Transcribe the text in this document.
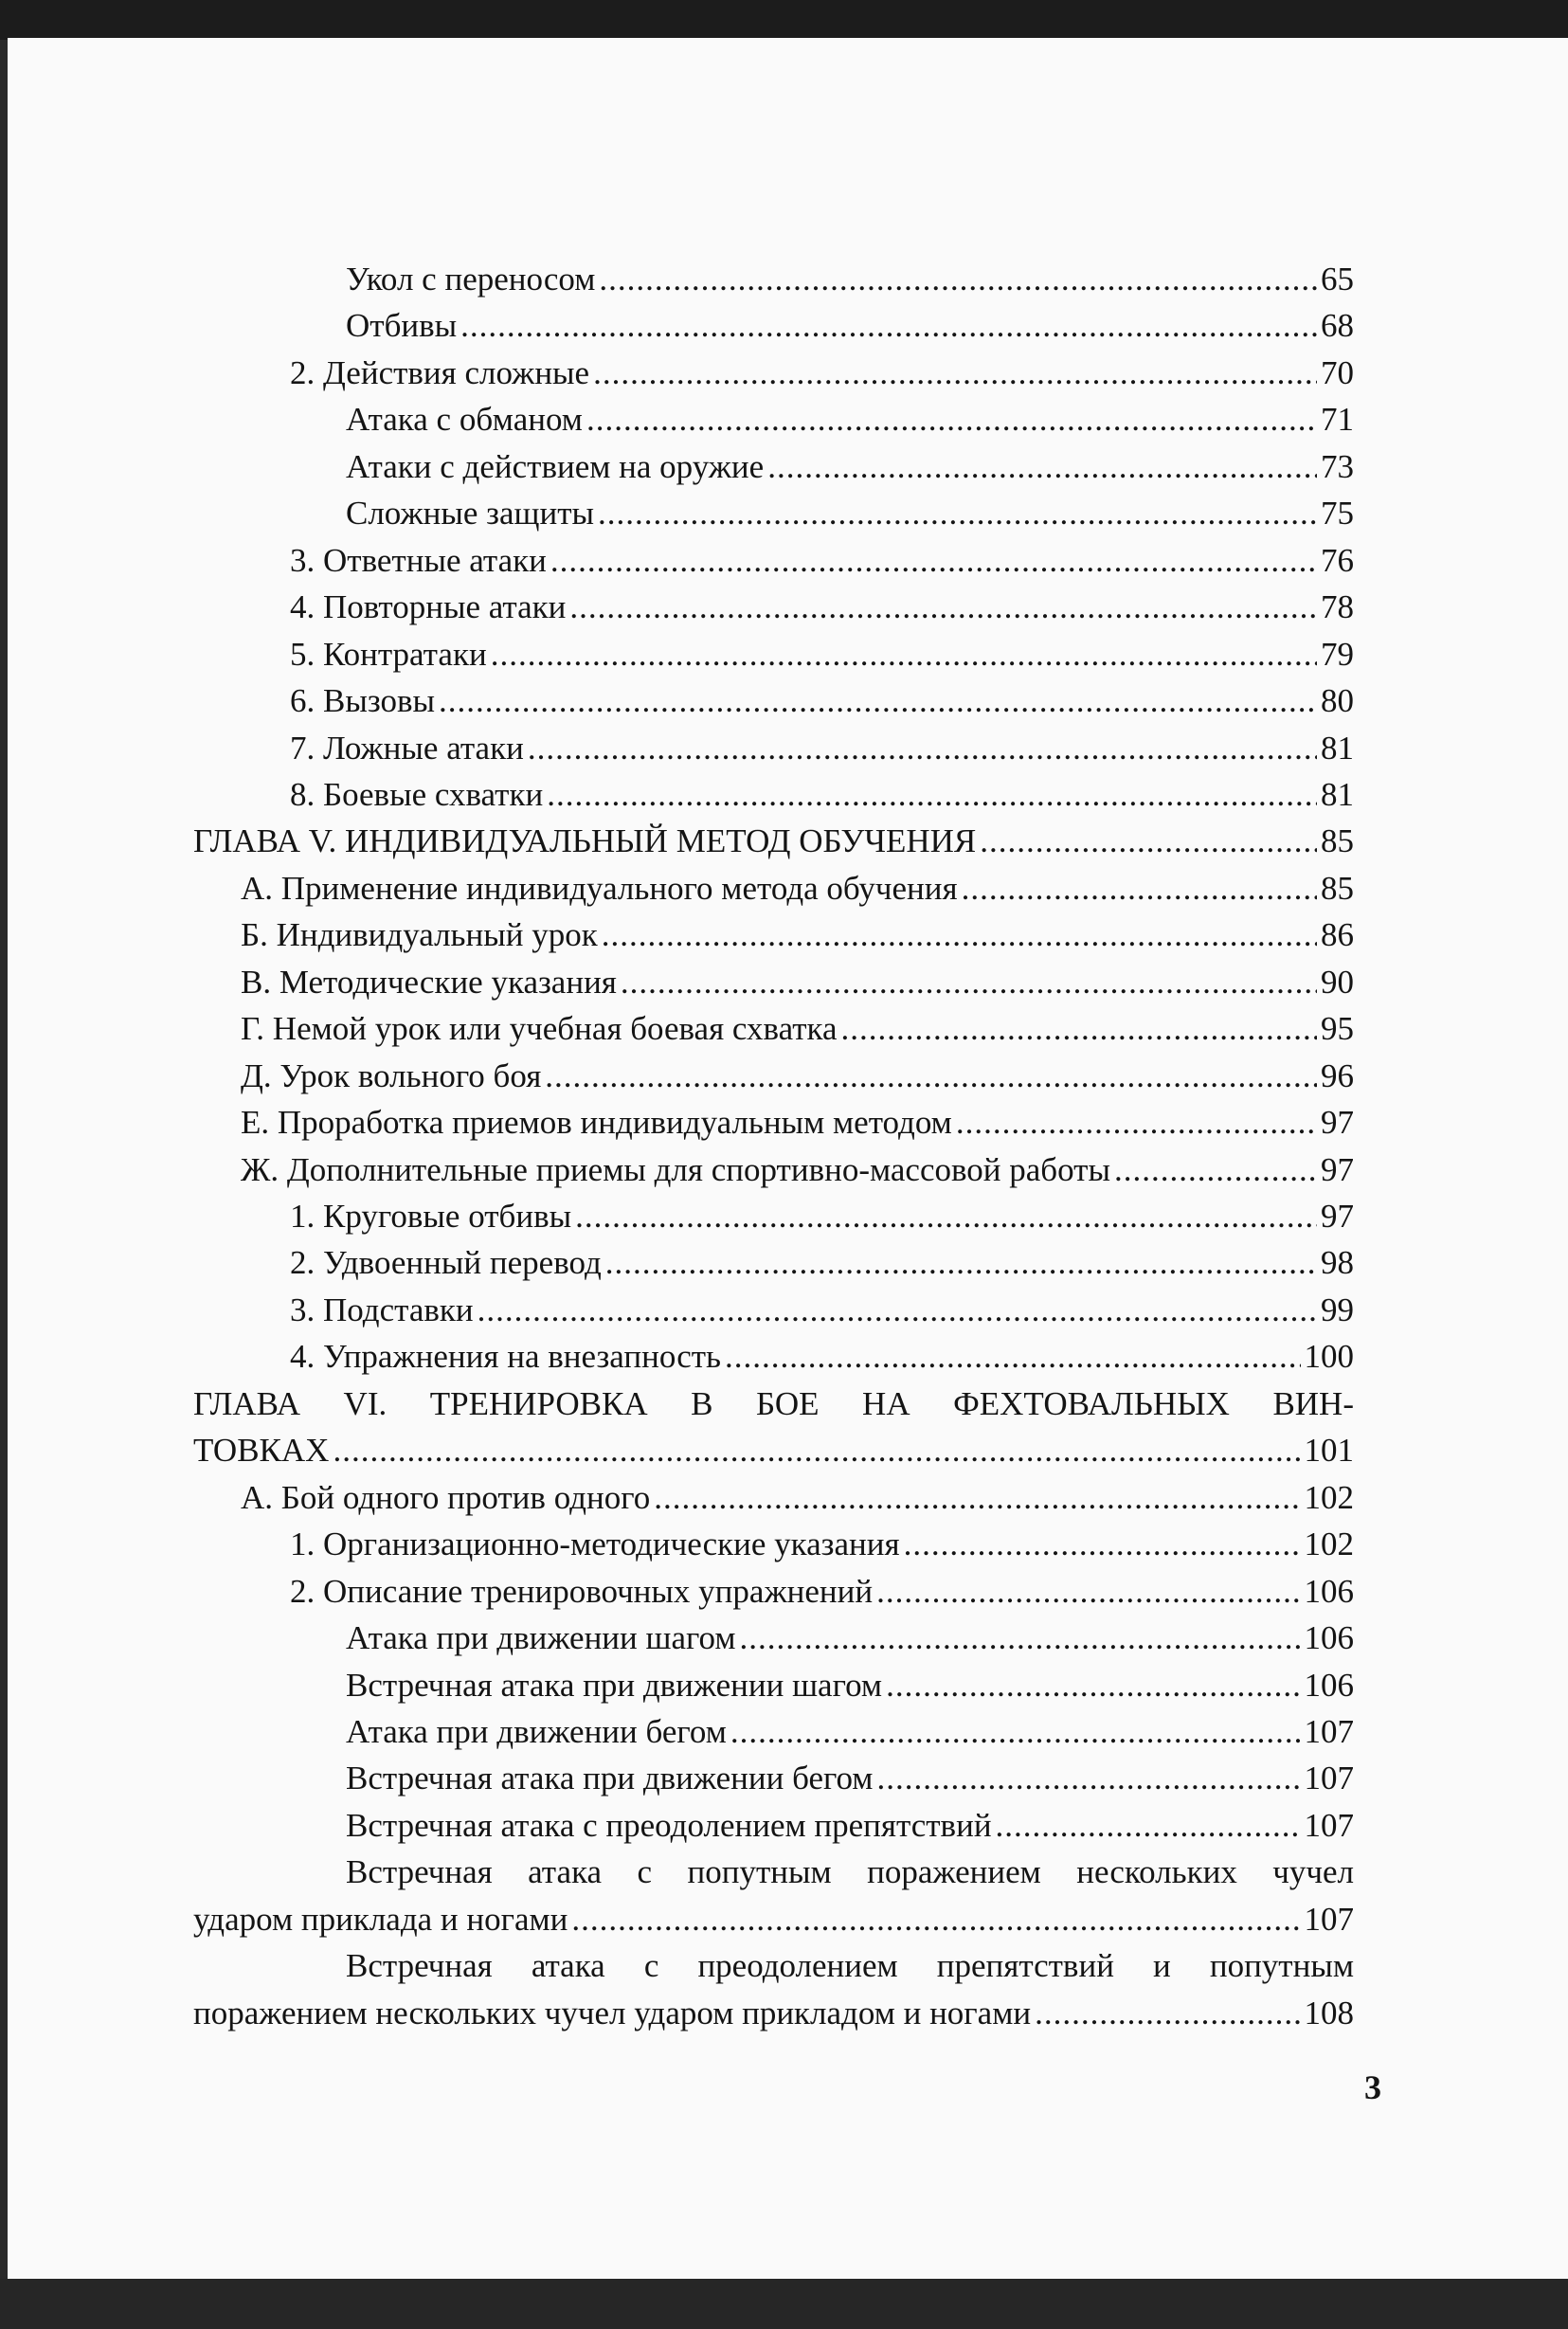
Укол с переносом .....	65
Отбивы .....	68
2. Действия сложные .....	70
Атака с обманом .....	71
Атаки с действием на оружие .....	73
Сложные защиты .....	75
3. Ответные атаки .....	76
4. Повторные атаки .....	78
5. Контратаки .....	79
6. Вызовы .....	80
7. Ложные атаки .....	81
8. Боевые схватки .....	81
ГЛАВА V. ИНДИВИДУАЛЬНЫЙ МЕТОД ОБУЧЕНИЯ .....	85
А. Применение индивидуального метода обучения .....	85
Б. Индивидуальный урок .....	86
В. Методические указания .....	90
Г. Немой урок или учебная боевая схватка .....	95
Д. Урок вольного боя .....	96
Е. Проработка приемов индивидуальным методом .....	97
Ж. Дополнительные приемы для спортивно-массовой работы .....	97
1. Круговые отбивы .....	97
2. Удвоенный перевод .....	98
3. Подставки .....	99
4. Упражнения на внезапность .....	100
ГЛАВА VI. ТРЕНИРОВКА В БОЕ НА ФЕХТОВАЛЬНЫХ ВИН-
ТОВКАХ .....	101
А. Бой одного против одного .....	102
1. Организационно-методические указания .....	102
2. Описание тренировочных упражнений .....	106
Атака при движении шагом .....	106
Встречная атака при движении шагом .....	106
Атака при движении бегом .....	107
Встречная атака при движении бегом .....	107
Встречная атака с преодолением препятствий .....	107
Встречная атака с попутным поражением нескольких чучел
ударом приклада и ногами .....	107
Встречная атака с преодолением препятствий и попутным
поражением нескольких чучел ударом прикладом и ногами .....	108
3
